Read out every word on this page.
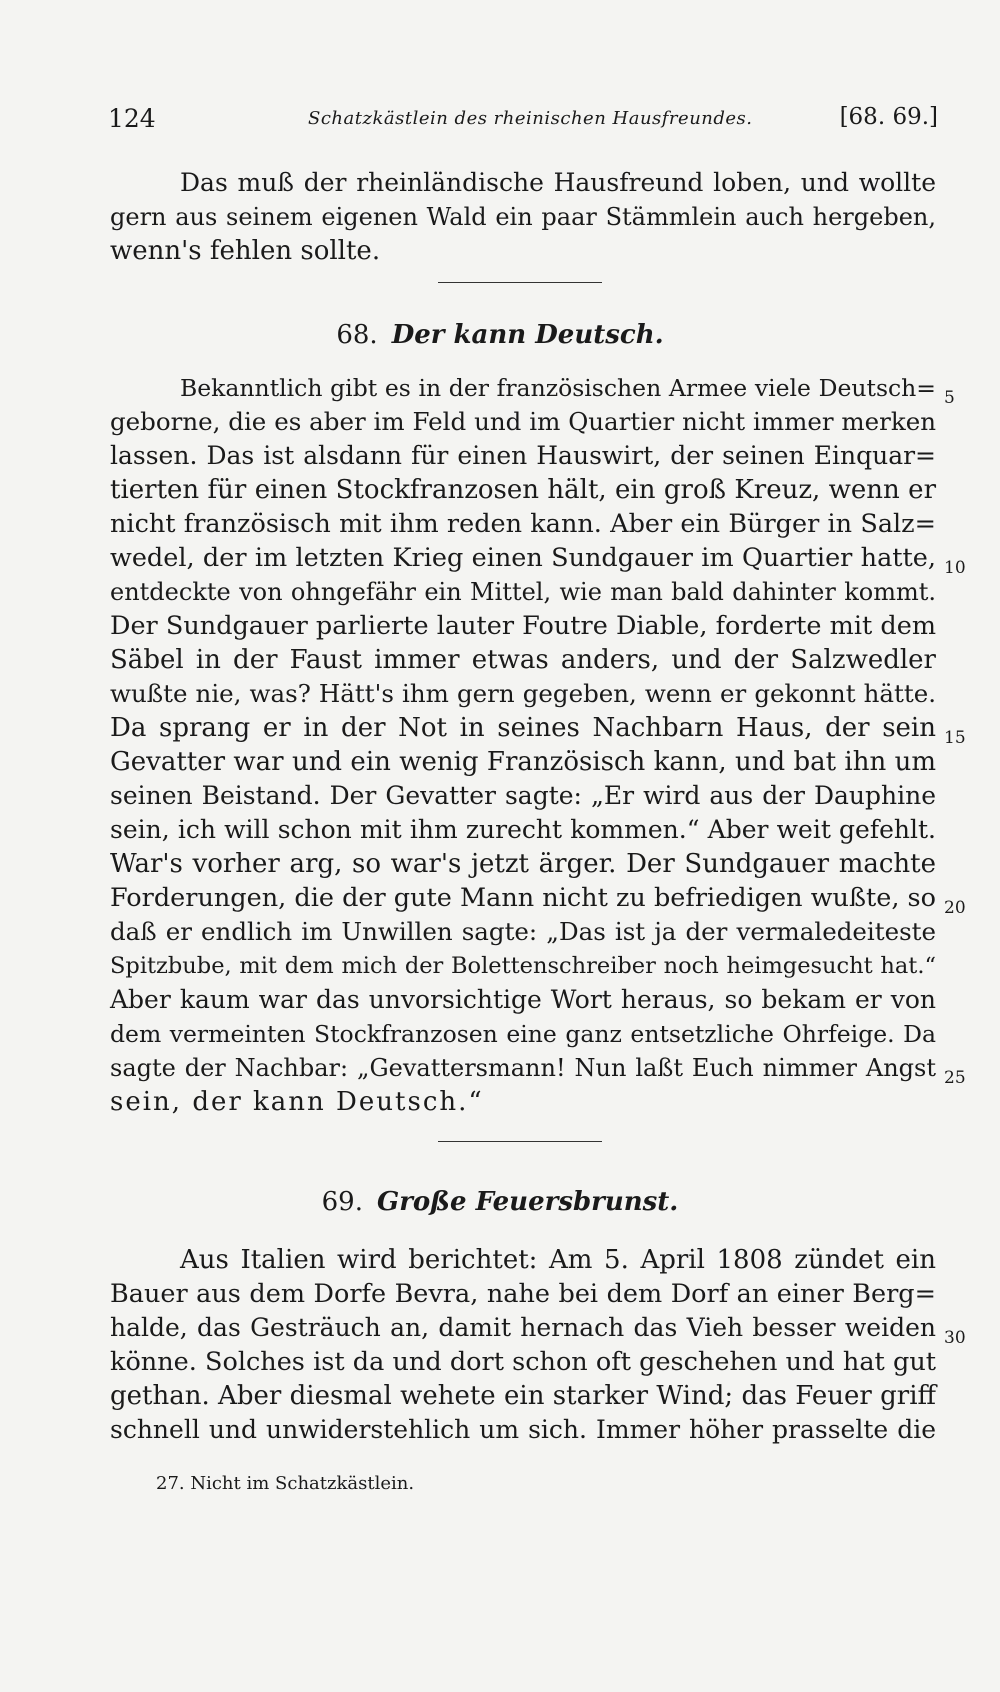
124	Schatzkästlein des rheinischen Hausfreundes.	[68. 69.]
Das muß der rheinländische Hausfreund loben, und wollte
gern aus seinem eigenen Wald ein paar Stämmlein auch hergeben,
wenn's fehlen sollte.
68. Der kann Deutsch.
Bekanntlich gibt es in der französischen Armee viele Deutsch=
geborne, die es aber im Feld und im Quartier nicht immer merken
lassen. Das ist alsdann für einen Hauswirt, der seinen Einquar=
tierten für einen Stockfranzosen hält, ein groß Kreuz, wenn er
nicht französisch mit ihm reden kann. Aber ein Bürger in Salz=
wedel, der im letzten Krieg einen Sundgauer im Quartier hatte,
entdeckte von ohngefähr ein Mittel, wie man bald dahinter kommt.
Der Sundgauer parlierte lauter Foutre Diable, forderte mit dem
Säbel in der Faust immer etwas anders, und der Salzwedler
wußte nie, was? Hätt's ihm gern gegeben, wenn er gekonnt hätte.
Da sprang er in der Not in seines Nachbarn Haus, der sein
Gevatter war und ein wenig Französisch kann, und bat ihn um
seinen Beistand. Der Gevatter sagte: „Er wird aus der Dauphine
sein, ich will schon mit ihm zurecht kommen.“ Aber weit gefehlt.
War's vorher arg, so war's jetzt ärger. Der Sundgauer machte
Forderungen, die der gute Mann nicht zu befriedigen wußte, so
daß er endlich im Unwillen sagte: „Das ist ja der vermaledeiteste
Spitzbube, mit dem mich der Bolettenschreiber noch heimgesucht hat.“
Aber kaum war das unvorsichtige Wort heraus, so bekam er von
dem vermeinten Stockfranzosen eine ganz entsetzliche Ohrfeige. Da
sagte der Nachbar: „Gevattersmann! Nun laßt Euch nimmer Angst
sein, der kann Deutsch.“
69. Große Feuersbrunst.
Aus Italien wird berichtet: Am 5. April 1808 zündet ein
Bauer aus dem Dorfe Bevra, nahe bei dem Dorf an einer Berg=
halde, das Gesträuch an, damit hernach das Vieh besser weiden
könne. Solches ist da und dort schon oft geschehen und hat gut
gethan. Aber diesmal wehete ein starker Wind; das Feuer griff
schnell und unwiderstehlich um sich. Immer höher prasselte die
5
10
15
20
25
30
27. Nicht im Schatzkästlein.
